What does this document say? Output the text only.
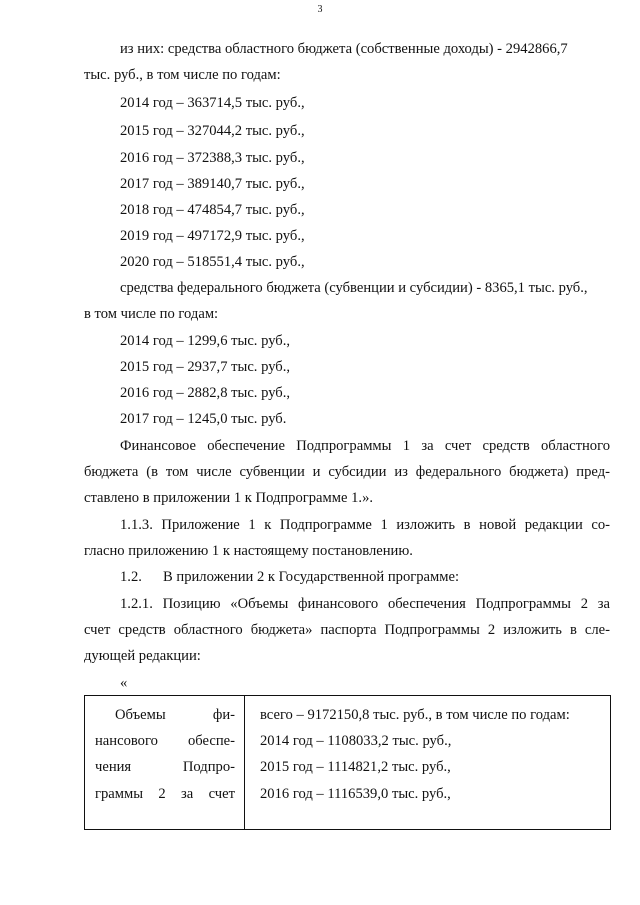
3
из них: средства областного бюджета (собственные доходы) - 2942866,7
тыс. руб., в том числе по годам:
2014 год – 363714,5 тыс. руб.,
2015 год – 327044,2 тыс. руб.,
2016 год – 372388,3 тыс. руб.,
2017 год – 389140,7 тыс. руб.,
2018 год – 474854,7 тыс. руб.,
2019 год – 497172,9 тыс. руб.,
2020 год – 518551,4 тыс. руб.,
средства федерального бюджета (субвенции и субсидии) - 8365,1 тыс. руб.,
в том числе по годам:
2014 год – 1299,6 тыс. руб.,
2015 год – 2937,7 тыс. руб.,
2016 год – 2882,8 тыс. руб.,
2017 год – 1245,0 тыс. руб.
Финансовое обеспечение Подпрограммы 1 за счет средств областного
бюджета (в том числе субвенции и субсидии из федерального бюджета) пред-
ставлено в приложении 1 к Подпрограмме 1.».
1.1.3. Приложение 1 к Подпрограмме 1 изложить в новой редакции со-
гласно приложению 1 к настоящему постановлению.
1.2. В приложении 2 к Государственной программе:
1.2.1. Позицию «Объемы финансового обеспечения Подпрограммы 2 за
счет средств областного бюджета» паспорта Подпрограммы 2 изложить в сле-
дующей редакции:
«
Объемы фи-
нансового обеспе-
чения Подпро-
граммы 2 за счет
всего – 9172150,8 тыс. руб., в том числе по годам:
2014 год – 1108033,2 тыс. руб.,
2015 год – 1114821,2 тыс. руб.,
2016 год – 1116539,0 тыс. руб.,
